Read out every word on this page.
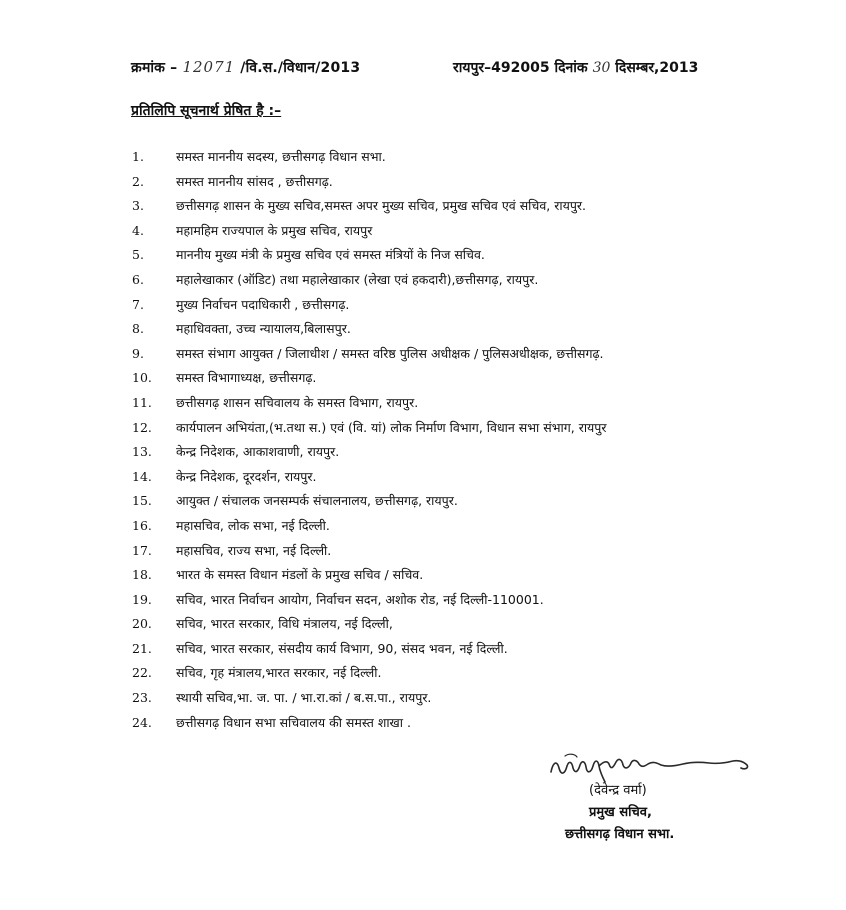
क्रमांक – 12071 /वि.स./विधान/2013	रायपुर–492005 दिनांक 30 दिसम्बर,2013
प्रतिलिपि सूचनार्थ प्रेषित है :–
1.	समस्त माननीय सदस्य, छत्तीसगढ़ विधान सभा.
2.	समस्त माननीय सांसद , छत्तीसगढ़.
3.	छत्तीसगढ़ शासन के मुख्य सचिव,समस्त अपर मुख्य सचिव, प्रमुख सचिव एवं सचिव, रायपुर.
4.	महामहिम राज्यपाल के प्रमुख सचिव, रायपुर
5.	माननीय मुख्य मंत्री के प्रमुख सचिव एवं समस्त मंत्रियों के निज सचिव.
6.	महालेखाकार (ऑडिट) तथा महालेखाकार (लेखा एवं हकदारी),छत्तीसगढ़, रायपुर.
7.	मुख्य निर्वाचन पदाधिकारी , छत्तीसगढ़.
8.	महाधिवक्ता, उच्च न्यायालय,बिलासपुर.
9.	समस्त संभाग आयुक्त / जिलाधीश / समस्त वरिष्ठ पुलिस अधीक्षक / पुलिसअधीक्षक, छत्तीसगढ़.
10. समस्त विभागाध्यक्ष, छत्तीसगढ़.
11. छत्तीसगढ़ शासन सचिवालय के समस्त विभाग, रायपुर.
12. कार्यपालन अभियंता,(भ.तथा स.) एवं (वि. यां) लोक निर्माण विभाग, विधान सभा संभाग, रायपुर
13. केन्द्र निदेशक, आकाशवाणी, रायपुर.
14. केन्द्र निदेशक, दूरदर्शन, रायपुर.
15. आयुक्त / संचालक जनसम्पर्क संचालनालय, छत्तीसगढ़, रायपुर.
16. महासचिव, लोक सभा, नई दिल्ली.
17. महासचिव, राज्य सभा, नई दिल्ली.
18. भारत के समस्त विधान मंडलों के प्रमुख सचिव / सचिव.
19. सचिव, भारत निर्वाचन आयोग, निर्वाचन सदन, अशोक रोड, नई दिल्ली-110001.
20. सचिव, भारत सरकार, विधि मंत्रालय, नई दिल्ली,
21. सचिव, भारत सरकार, संसदीय कार्य विभाग, 90, संसद भवन, नई दिल्ली.
22. सचिव, गृह मंत्रालय,भारत सरकार, नई दिल्ली.
23. स्थायी सचिव,भा. ज. पा. / भा.रा.कां / ब.स.पा., रायपुर.
24. छत्तीसगढ़ विधान सभा सचिवालय की समस्त शाखा .
(देवेन्द्र वर्मा)
प्रमुख सचिव,
छत्तीसगढ़ विधान सभा.
